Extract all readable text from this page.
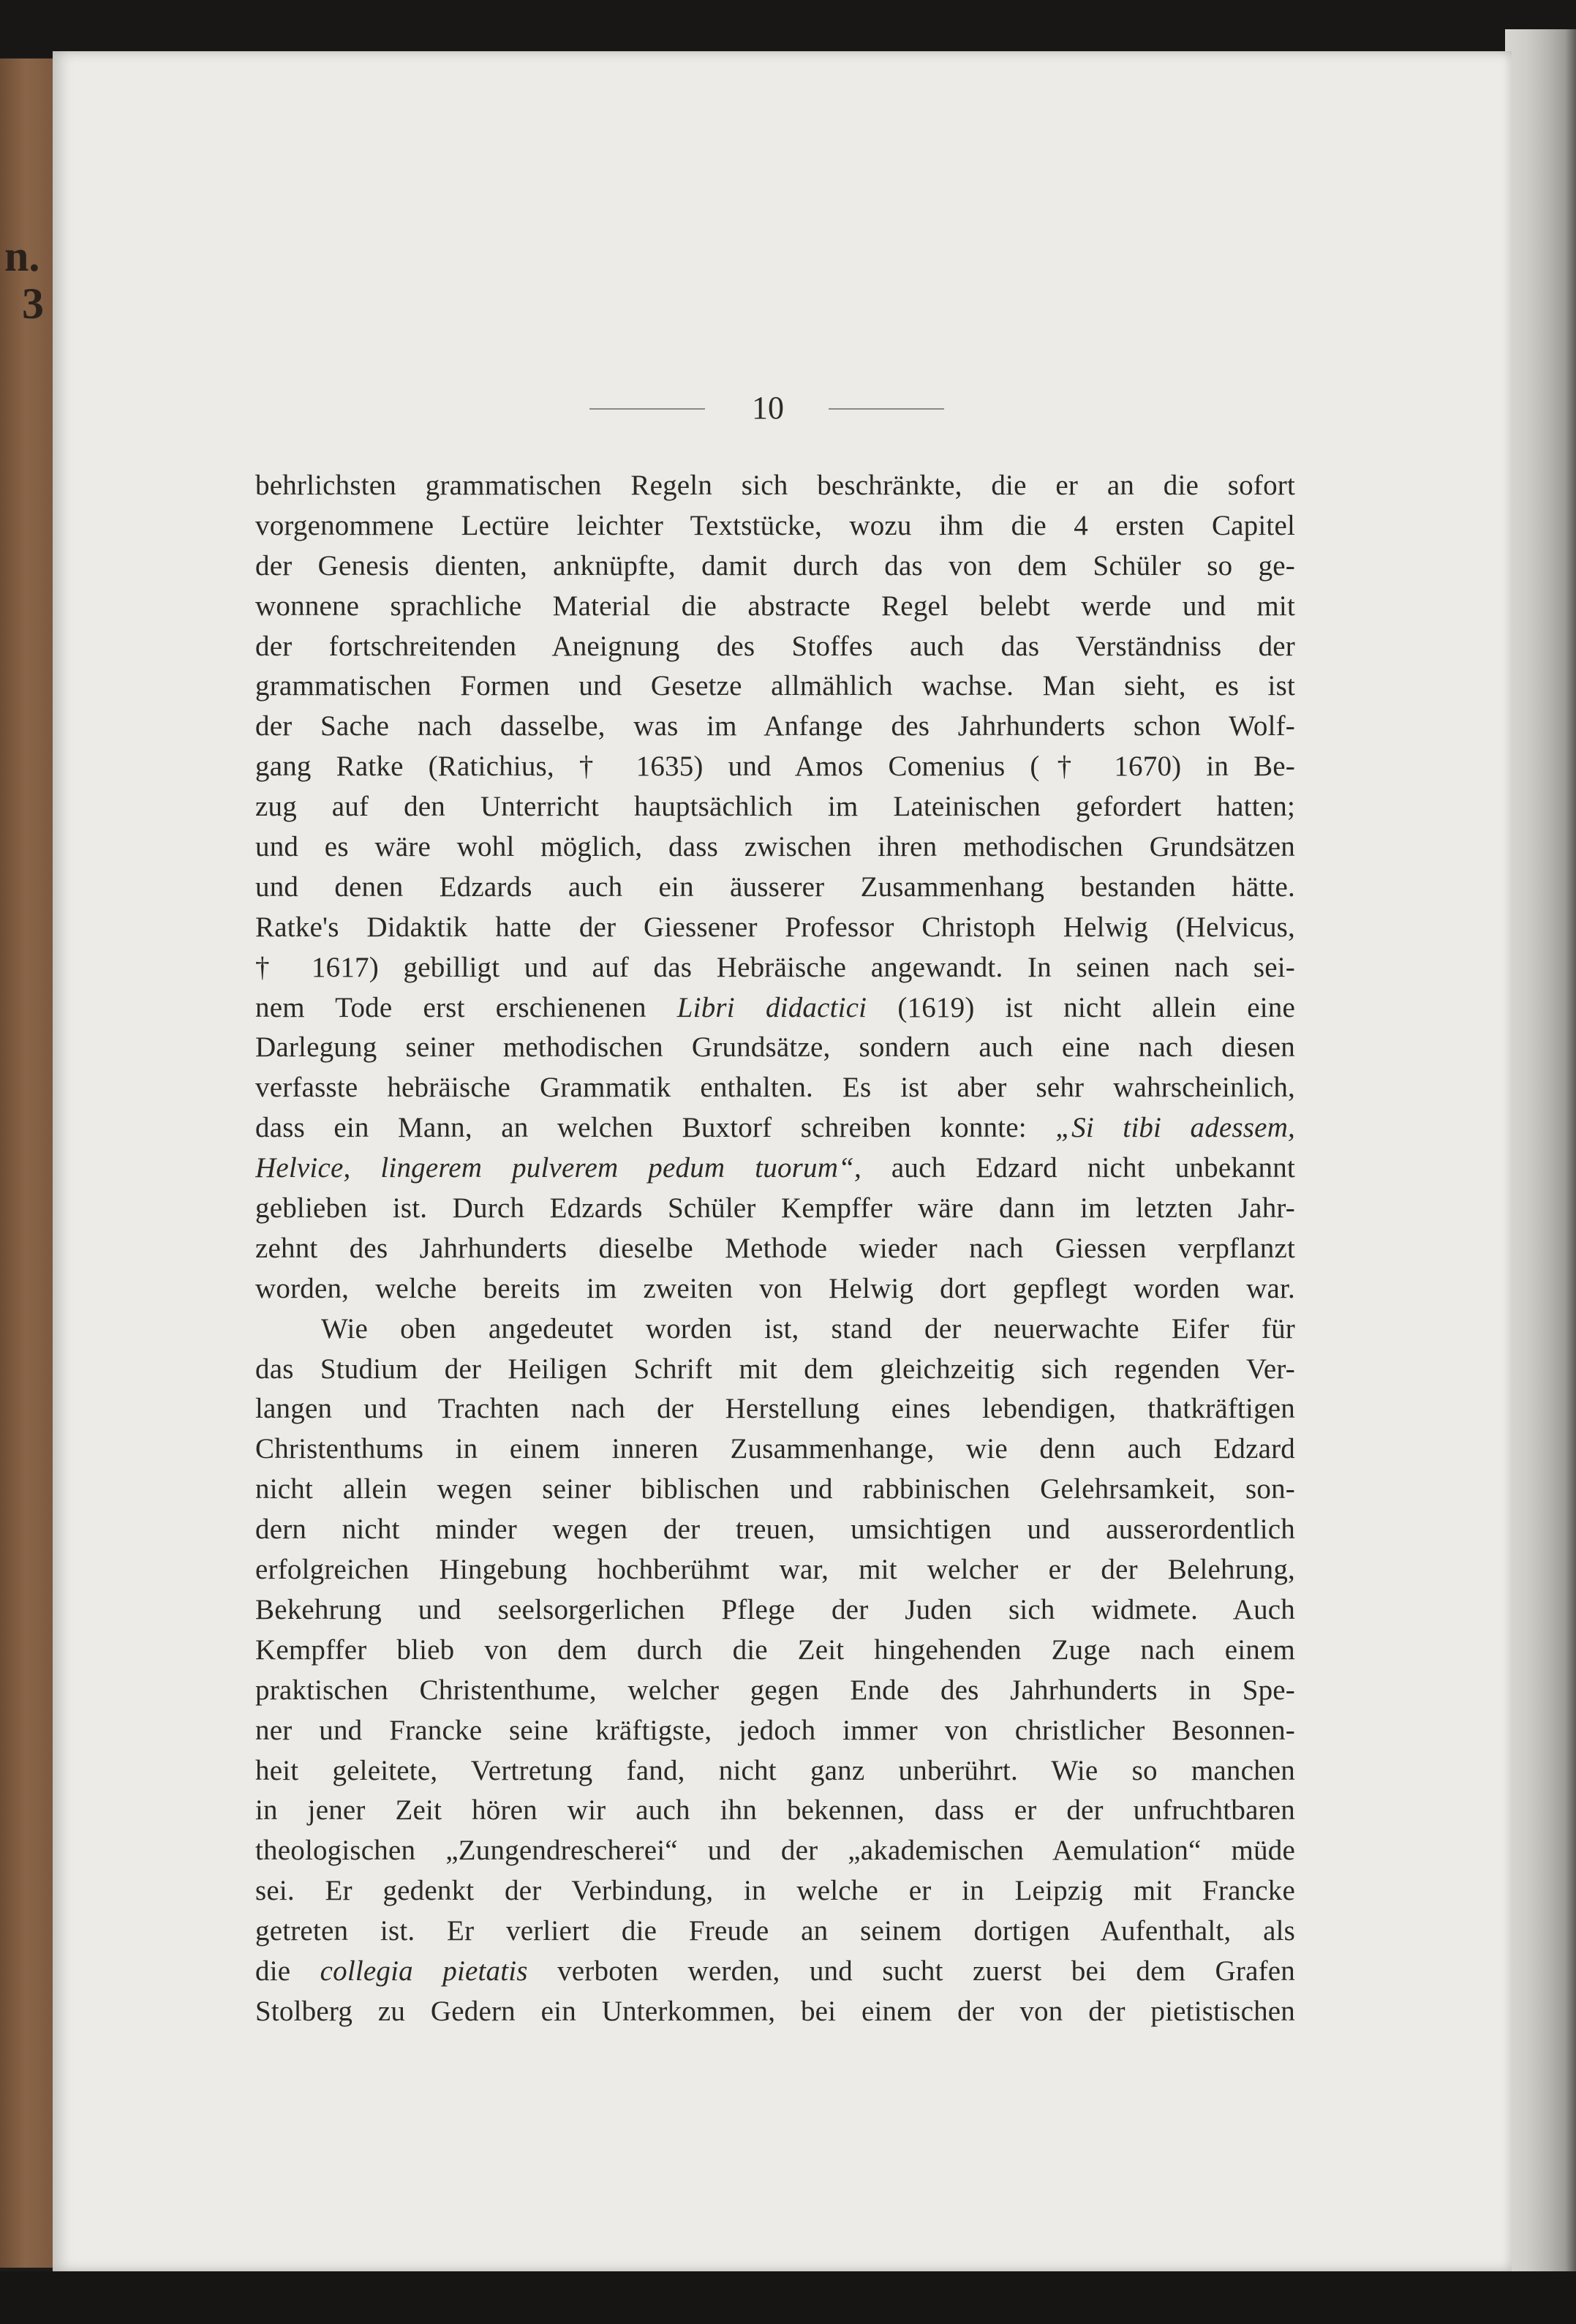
n.
3
10
behrlichsten grammatischen Regeln sich beschränkte, die er an die sofort
vorgenommene Lectüre leichter Textstücke, wozu ihm die 4 ersten Capitel
der Genesis dienten, anknüpfte, damit durch das von dem Schüler so ge-
wonnene sprachliche Material die abstracte Regel belebt werde und mit
der fortschreitenden Aneignung des Stoffes auch das Verständniss der
grammatischen Formen und Gesetze allmählich wachse. Man sieht, es ist
der Sache nach dasselbe, was im Anfange des Jahrhunderts schon Wolf-
gang Ratke (Ratichius, † 1635) und Amos Comenius († 1670) in Be-
zug auf den Unterricht hauptsächlich im Lateinischen gefordert hatten;
und es wäre wohl möglich, dass zwischen ihren methodischen Grundsätzen
und denen Edzards auch ein äusserer Zusammenhang bestanden hätte.
Ratke's Didaktik hatte der Giessener Professor Christoph Helwig (Helvicus,
† 1617) gebilligt und auf das Hebräische angewandt. In seinen nach sei-
nem Tode erst erschienenen Libri didactici (1619) ist nicht allein eine
Darlegung seiner methodischen Grundsätze, sondern auch eine nach diesen
verfasste hebräische Grammatik enthalten. Es ist aber sehr wahrscheinlich,
dass ein Mann, an welchen Buxtorf schreiben konnte: „Si tibi adessem,
Helvice, lingerem pulverem pedum tuorum“, auch Edzard nicht unbekannt
geblieben ist. Durch Edzards Schüler Kempffer wäre dann im letzten Jahr-
zehnt des Jahrhunderts dieselbe Methode wieder nach Giessen verpflanzt
worden, welche bereits im zweiten von Helwig dort gepflegt worden war.
Wie oben angedeutet worden ist, stand der neuerwachte Eifer für
das Studium der Heiligen Schrift mit dem gleichzeitig sich regenden Ver-
langen und Trachten nach der Herstellung eines lebendigen, thatkräftigen
Christenthums in einem inneren Zusammenhange, wie denn auch Edzard
nicht allein wegen seiner biblischen und rabbinischen Gelehrsamkeit, son-
dern nicht minder wegen der treuen, umsichtigen und ausserordentlich
erfolgreichen Hingebung hochberühmt war, mit welcher er der Belehrung,
Bekehrung und seelsorgerlichen Pflege der Juden sich widmete. Auch
Kempffer blieb von dem durch die Zeit hingehenden Zuge nach einem
praktischen Christenthume, welcher gegen Ende des Jahrhunderts in Spe-
ner und Francke seine kräftigste, jedoch immer von christlicher Besonnen-
heit geleitete, Vertretung fand, nicht ganz unberührt. Wie so manchen
in jener Zeit hören wir auch ihn bekennen, dass er der unfruchtbaren
theologischen „Zungendrescherei“ und der „akademischen Aemulation“ müde
sei. Er gedenkt der Verbindung, in welche er in Leipzig mit Francke
getreten ist. Er verliert die Freude an seinem dortigen Aufenthalt, als
die collegia pietatis verboten werden, und sucht zuerst bei dem Grafen
Stolberg zu Gedern ein Unterkommen, bei einem der von der pietistischen
